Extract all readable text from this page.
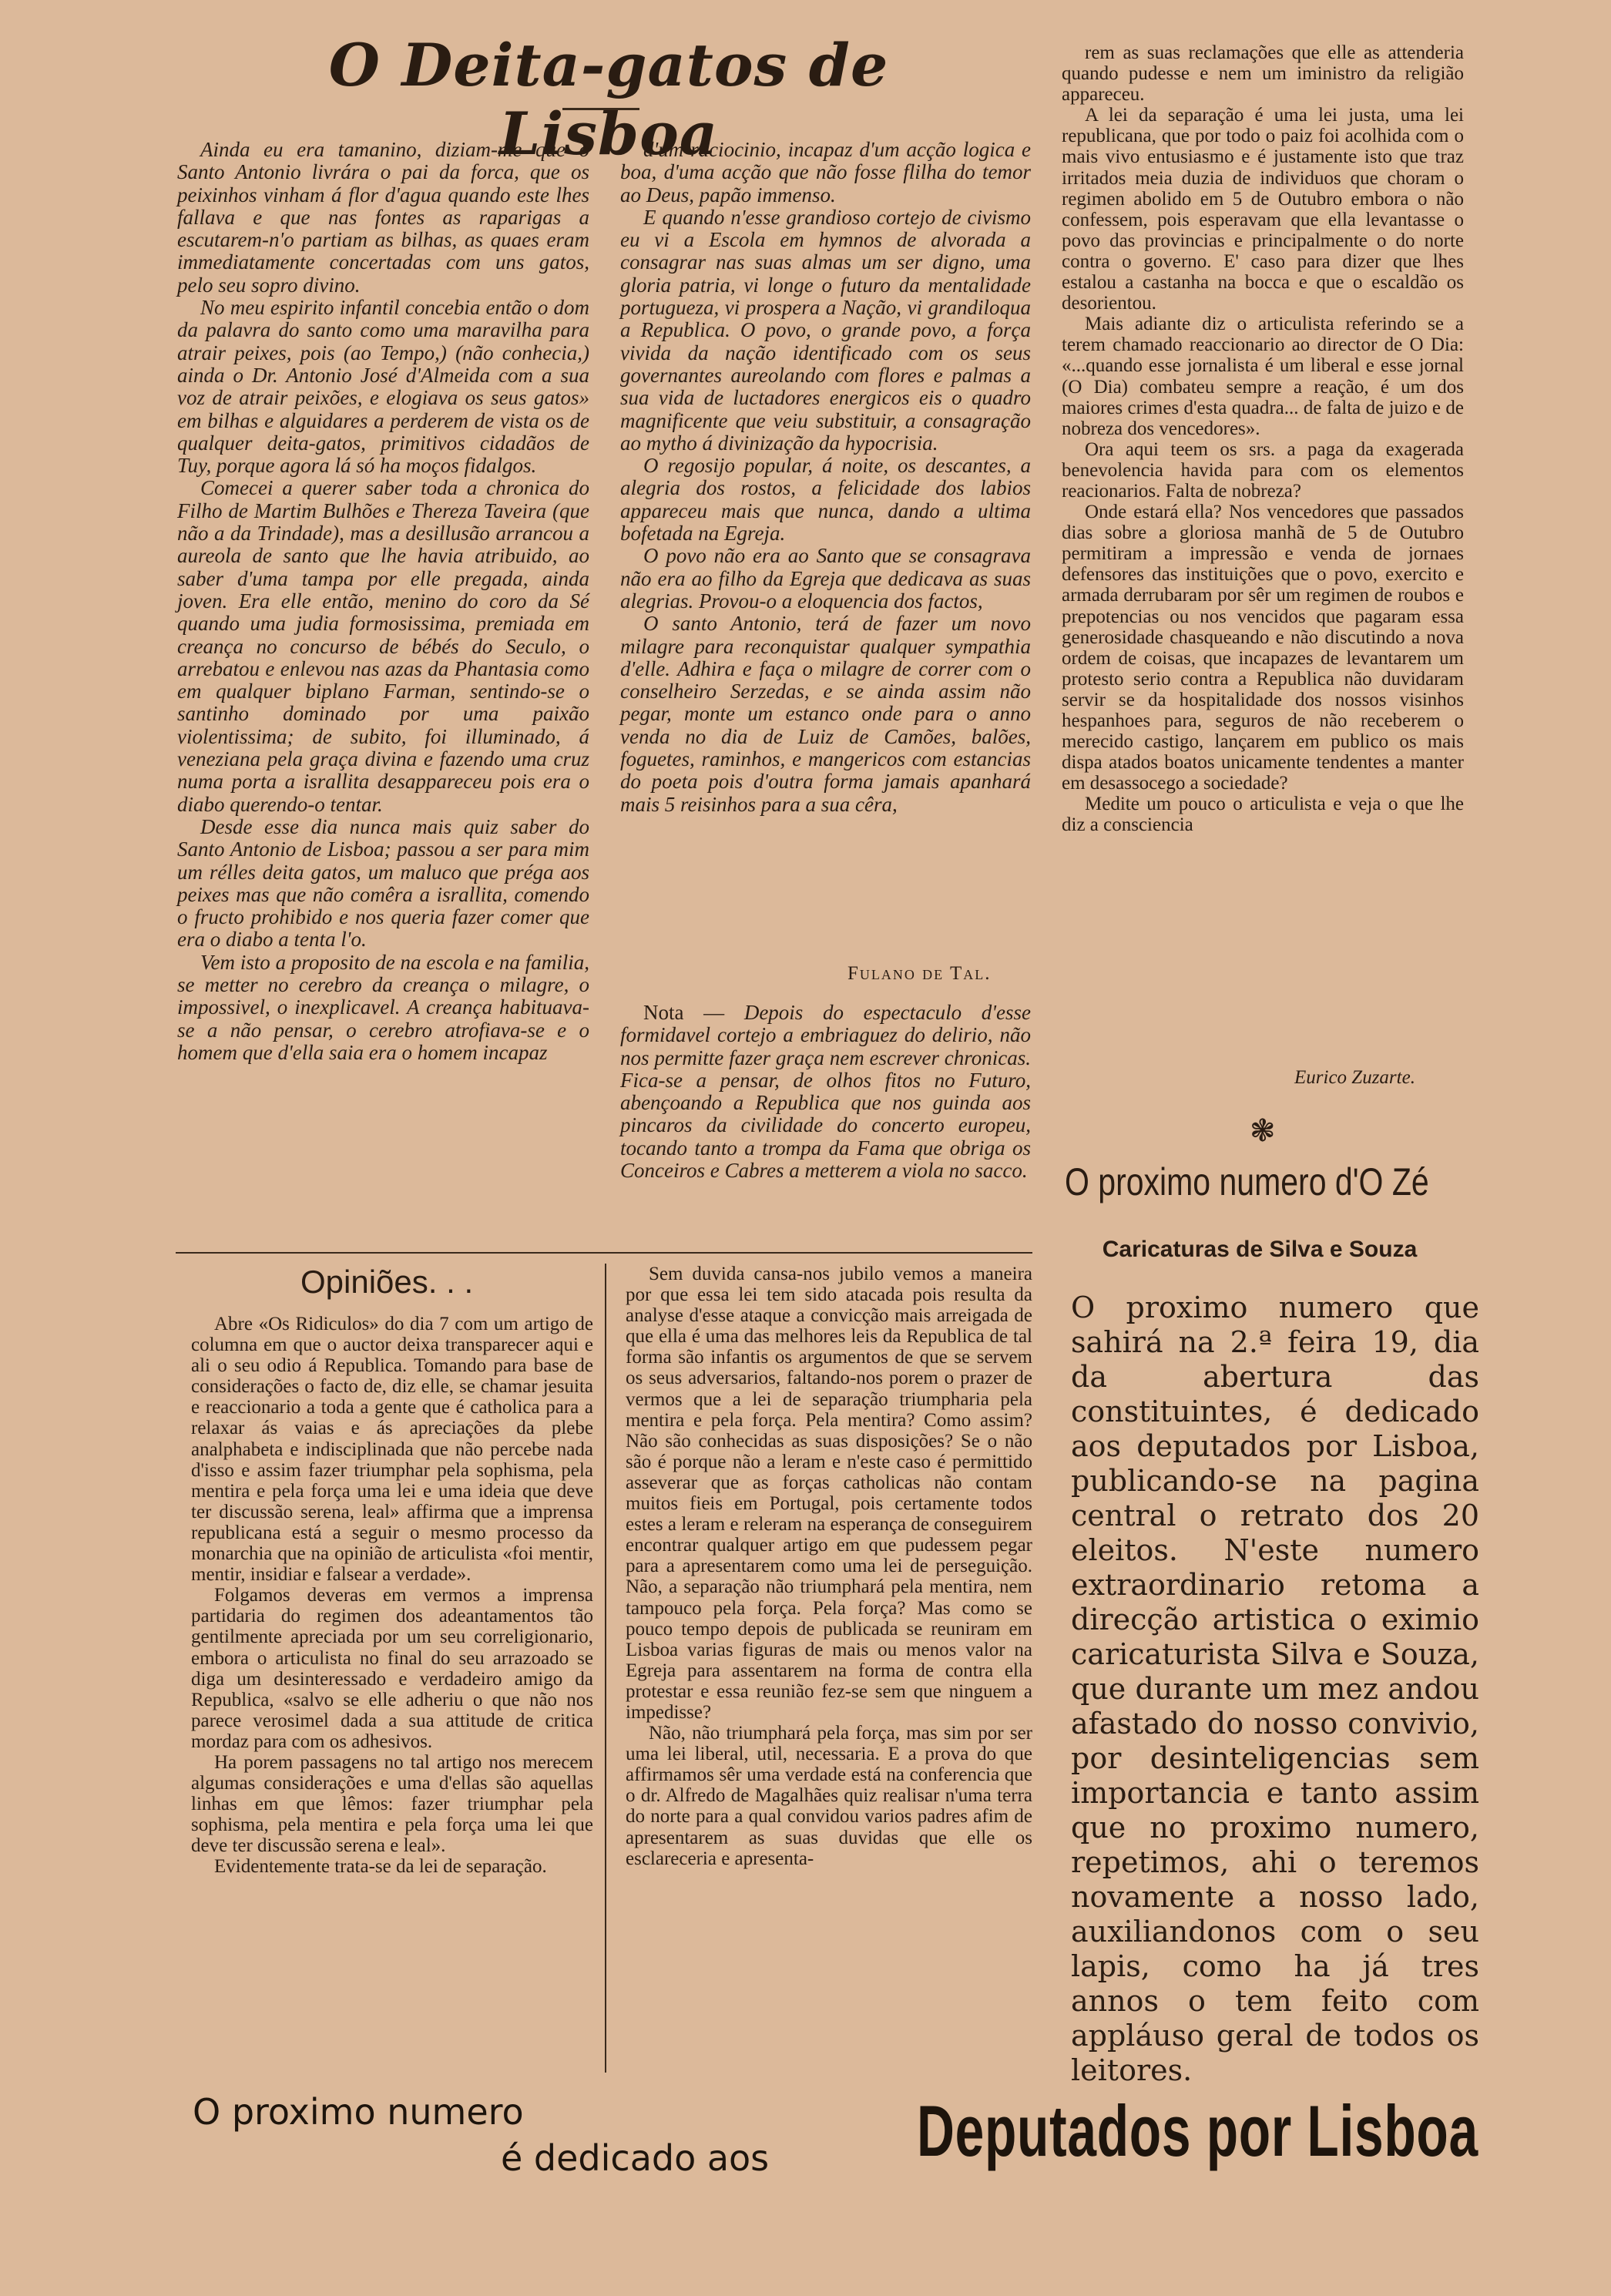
O Deita-gatos de Lisboa

Ainda eu era tamanino, diziam-me que o Santo Antonio livrára o pai da forca, que os peixinhos vinham á flor d'agua quando este lhes fallava e que nas fontes as raparigas a escutarem-n'o partiam as bilhas, as quaes eram immediatamente concertadas com uns gatos, pelo seu sopro divino.

No meu espirito infantil concebia então o dom da palavra do santo como uma maravilha para atrair peixes, pois (ao Tempo,) (não conhecia,) ainda o Dr. Antonio José d'Almeida com a sua voz de atrair peixões, e elogiava os seus gatos» em bilhas e alguidares a perderem de vista os de qualquer deita-gatos, primitivos cidadãos de Tuy, porque agora lá só ha moços fidalgos.

Comecei a querer saber toda a chronica do Filho de Martim Bulhões e Thereza Taveira (que não a da Trindade), mas a desillusão arrancou a aureola de santo que lhe havia atribuido, ao saber d'uma tampa por elle pregada, ainda joven. Era elle então, menino do coro da Sé quando uma judia formosissima, premiada em creança no concurso de bébés do Seculo, o arrebatou e enlevou nas azas da Phantasia como em qualquer biplano Farman, sentindo-se o santinho dominado por uma paixão violentissima; de subito, foi illuminado, á veneziana pela graça divina e fazendo uma cruz numa porta a israllita desappareceu pois era o diabo querendo-o tentar.

Desde esse dia nunca mais quiz saber do Santo Antonio de Lisboa; passou a ser para mim um rélles deita gatos, um maluco que préga aos peixes mas que não comêra a israllita, comendo o fructo prohibido e nos queria fazer comer que era o diabo a tenta l'o.

Vem isto a proposito de na escola e na familia, se metter no cerebro da creança o milagre, o impossivel, o inexplicavel. A creança habituava-se a não pensar, o cerebro atrofiava-se e o homem que d'ella saia era o homem incapaz

d'um raciocinio, incapaz d'um acção logica e boa, d'uma acção que não fosse flilha do temor ao Deus, papão immenso.

E quando n'esse grandioso cortejo de civismo eu vi a Escola em hymnos de alvorada a consagrar nas suas almas um ser digno, uma gloria patria, vi longe o futuro da mentalidade portugueza, vi prospera a Nação, vi grandiloqua a Republica. O povo, o grande povo, a força vivida da nação identificado com os seus governantes aureolando com flores e palmas a sua vida de luctadores energicos eis o quadro magnificente que veiu substituir, a consagração ao mytho á divinização da hypocrisia.

O regosijo popular, á noite, os descantes, a alegria dos rostos, a felicidade dos labios appareceu mais que nunca, dando a ultima bofetada na Egreja.

O povo não era ao Santo que se consagrava não era ao filho da Egreja que dedicava as suas alegrias. Provou-o a eloquencia dos factos,

O santo Antonio, terá de fazer um novo milagre para reconquistar qualquer sympathia d'elle. Adhira e faça o milagre de correr com o conselheiro Serzedas, e se ainda assim não pegar, monte um estanco onde para o anno venda no dia de Luiz de Camões, balões, foguetes, raminhos, e mangericos com estancias do poeta pois d'outra forma jamais apanhará mais 5 reisinhos para a sua cêra,

Fulano de Tal.

Nota — Depois do espectaculo d'esse formidavel cortejo a embriaguez do delirio, não nos permitte fazer graça nem escrever chronicas. Fica-se a pensar, de olhos fitos no Futuro, abençoando a Republica que nos guinda aos pincaros da civilidade do concerto europeu, tocando tanto a trompa da Fama que obriga os Conceiros e Cabres a metterem a viola no sacco.

rem as suas reclamações que elle as attenderia quando pudesse e nem um iministro da religião appareceu.

A lei da separação é uma lei justa, uma lei republicana, que por todo o paiz foi acolhida com o mais vivo entusiasmo e é justamente isto que traz irritados meia duzia de individuos que choram o regimen abolido em 5 de Outubro embora o não confessem, pois esperavam que ella levantasse o povo das provincias e principalmente o do norte contra o governo. E' caso para dizer que lhes estalou a castanha na bocca e que o escaldão os desorientou.

Mais adiante diz o articulista referindo se a terem chamado reaccionario ao director de O Dia: «...quando esse jornalista é um liberal e esse jornal (O Dia) combateu sempre a reação, é um dos maiores crimes d'esta quadra... de falta de juizo e de nobreza dos vencedores».

Ora aqui teem os srs. a paga da exagerada benevolencia havida para com os elementos reacionarios. Falta de nobreza?

Onde estará ella? Nos vencedores que passados dias sobre a gloriosa manhã de 5 de Outubro permitiram a impressão e venda de jornaes defensores das instituições que o povo, exercito e armada derrubaram por sêr um regimen de roubos e prepotencias ou nos vencidos que pagaram essa generosidade chasqueando e não discutindo a nova ordem de coisas, que incapazes de levantarem um protesto serio contra a Republica não duvidaram servir se da hospitalidade dos nossos visinhos hespanhoes para, seguros de não receberem o merecido castigo, lançarem em publico os mais dispa atados boatos unicamente tendentes a manter em desassocego a sociedade?

Medite um pouco o articulista e veja o que lhe diz a consciencia

Eurico Zuzarte.
Opiniões. . .

Abre «Os Ridiculos» do dia 7 com um artigo de columna em que o auctor deixa transparecer aqui e ali o seu odio á Republica. Tomando para base de considerações o facto de, diz elle, se chamar jesuita e reaccionario a toda a gente que é catholica para a relaxar ás vaias e ás apreciações da plebe analphabeta e indisciplinada que não percebe nada d'isso e assim fazer triumphar pela sophisma, pela mentira e pela força uma lei e uma ideia que deve ter discussão serena, leal» affirma que a imprensa republicana está a seguir o mesmo processo da monarchia que na opinião de articulista «foi mentir, mentir, insidiar e falsear a verdade».

Folgamos deveras em vermos a imprensa partidaria do regimen dos adeantamentos tão gentilmente apreciada por um seu correligionario, embora o articulista no final do seu arrazoado se diga um desinteressado e verdadeiro amigo da Republica, «salvo se elle adheriu o que não nos parece verosimel dada a sua attitude de critica mordaz para com os adhesivos.

Ha porem passagens no tal artigo nos merecem algumas considerações e uma d'ellas são aquellas linhas em que lêmos: fazer triumphar pela sophisma, pela mentira e pela força uma lei que deve ter discussão serena e leal».

Evidentemente trata-se da lei de separação.

Sem duvida cansa-nos jubilo vemos a maneira por que essa lei tem sido atacada pois resulta da analyse d'esse ataque a convicção mais arreigada de que ella é uma das melhores leis da Republica de tal forma são infantis os argumentos de que se servem os seus adversarios, faltando-nos porem o prazer de vermos que a lei de separação triumpharia pela mentira e pela força. Pela mentira? Como assim? Não são conhecidas as suas disposições? Se o não são é porque não a leram e n'este caso é permittido asseverar que as forças catholicas não contam muitos fieis em Portugal, pois certamente todos estes a leram e releram na esperança de conseguirem encontrar qualquer artigo em que pudessem pegar para a apresentarem como uma lei de perseguição. Não, a separação não triumphará pela mentira, nem tampouco pela força. Pela força? Mas como se pouco tempo depois de publicada se reuniram em Lisboa varias figuras de mais ou menos valor na Egreja para assentarem na forma de contra ella protestar e essa reunião fez-se sem que ninguem a impedisse?

Não, não triumphará pela força, mas sim por ser uma lei liberal, util, necessaria. E a prova do que affirmamos sêr uma verdade está na conferencia que o dr. Alfredo de Magalhães quiz realisar n'uma terra do norte para a qual convidou varios padres afim de apresentarem as suas duvidas que elle os esclareceria e apresenta-

❃
O proximo numero d'O Zé
Caricaturas de Silva e Souza
O proximo numero que sahirá na 2.ª feira 19, dia da abertura das constituintes, é dedicado aos deputados por Lisboa, publicando-se na pagina central o retrato dos 20 eleitos. N'este numero extraordinario retoma a direcção artistica o eximio caricaturista Silva e Souza, que durante um mez andou afastado do nosso convivio, por desinteligencias sem importancia e tanto assim que no proximo numero, repetimos, ahi o teremos novamente a nosso lado, auxiliandonos com o seu lapis, como ha já tres annos o tem feito com appláuso geral de todos os leitores.
O proximo numero
é dedicado aos Deputados por Lisboa
